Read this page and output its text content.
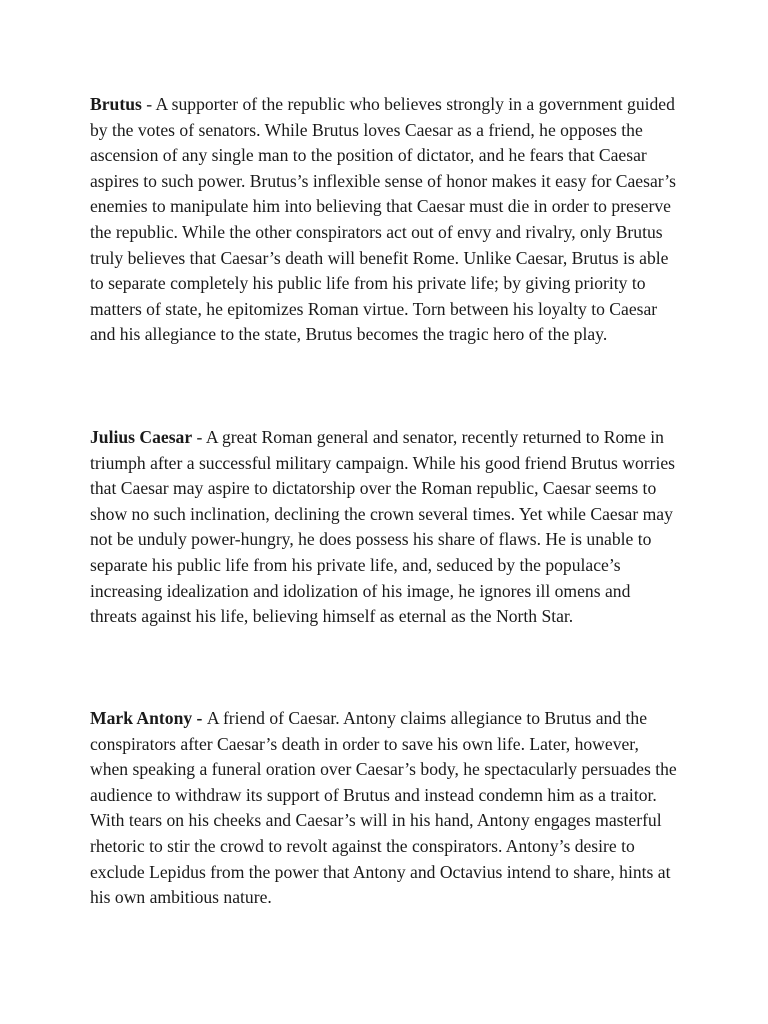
Brutus - A supporter of the republic who believes strongly in a government guided by the votes of senators. While Brutus loves Caesar as a friend, he opposes the ascension of any single man to the position of dictator, and he fears that Caesar aspires to such power. Brutus’s inflexible sense of honor makes it easy for Caesar’s enemies to manipulate him into believing that Caesar must die in order to preserve the republic. While the other conspirators act out of envy and rivalry, only Brutus truly believes that Caesar’s death will benefit Rome. Unlike Caesar, Brutus is able to separate completely his public life from his private life; by giving priority to matters of state, he epitomizes Roman virtue. Torn between his loyalty to Caesar and his allegiance to the state, Brutus becomes the tragic hero of the play.

Julius Caesar - A great Roman general and senator, recently returned to Rome in triumph after a successful military campaign. While his good friend Brutus worries that Caesar may aspire to dictatorship over the Roman republic, Caesar seems to show no such inclination, declining the crown several times. Yet while Caesar may not be unduly power-hungry, he does possess his share of flaws. He is unable to separate his public life from his private life, and, seduced by the populace’s increasing idealization and idolization of his image, he ignores ill omens and threats against his life, believing himself as eternal as the North Star.

Mark Antony - A friend of Caesar. Antony claims allegiance to Brutus and the conspirators after Caesar’s death in order to save his own life. Later, however, when speaking a funeral oration over Caesar’s body, he spectacularly persuades the audience to withdraw its support of Brutus and instead condemn him as a traitor. With tears on his cheeks and Caesar’s will in his hand, Antony engages masterful rhetoric to stir the crowd to revolt against the conspirators. Antony’s desire to exclude Lepidus from the power that Antony and Octavius intend to share, hints at his own ambitious nature.
